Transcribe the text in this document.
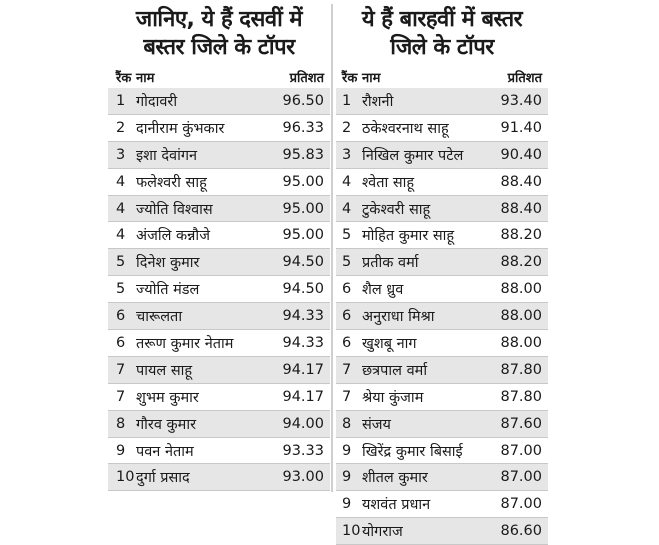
जानिए, ये हैं दसवीं में
बस्तर जिले के टॉपर
रैंक नाम	प्रतिशत
1 गोदावरी	96.50
2 दानीराम कुंभकार	96.33
3 इशा देवांगन	95.83
4 फलेश्वरी साहू	95.00
4 ज्योति विश्वास	95.00
4 अंजलि कन्नौजे	95.00
5 दिनेश कुमार	94.50
5 ज्योति मंडल	94.50
6 चारूलता	94.33
6 तरूण कुमार नेताम	94.33
7 पायल साहू	94.17
7 शुभम कुमार	94.17
8 गौरव कुमार	94.00
9 पवन नेताम	93.33
10 दुर्गा प्रसाद	93.00
ये हैं बारहवीं में बस्तर
जिले के टॉपर
रैंक नाम	प्रतिशत
1 रौशनी	93.40
2 ठकेश्वरनाथ साहू	91.40
3 निखिल कुमार पटेल	90.40
4 श्वेता साहू	88.40
4 टुकेश्वरी साहू	88.40
5 मोहित कुमार साहू	88.20
5 प्रतीक वर्मा	88.20
6 शैल ध्रुव	88.00
6 अनुराधा मिश्रा	88.00
6 खुशबू नाग	88.00
7 छत्रपाल वर्मा	87.80
7 श्रेया कुंजाम	87.80
8 संजय	87.60
9 खिरेंद्र कुमार बिसाई	87.00
9 शीतल कुमार	87.00
9 यशवंत प्रधान	87.00
10 योगराज	86.60
